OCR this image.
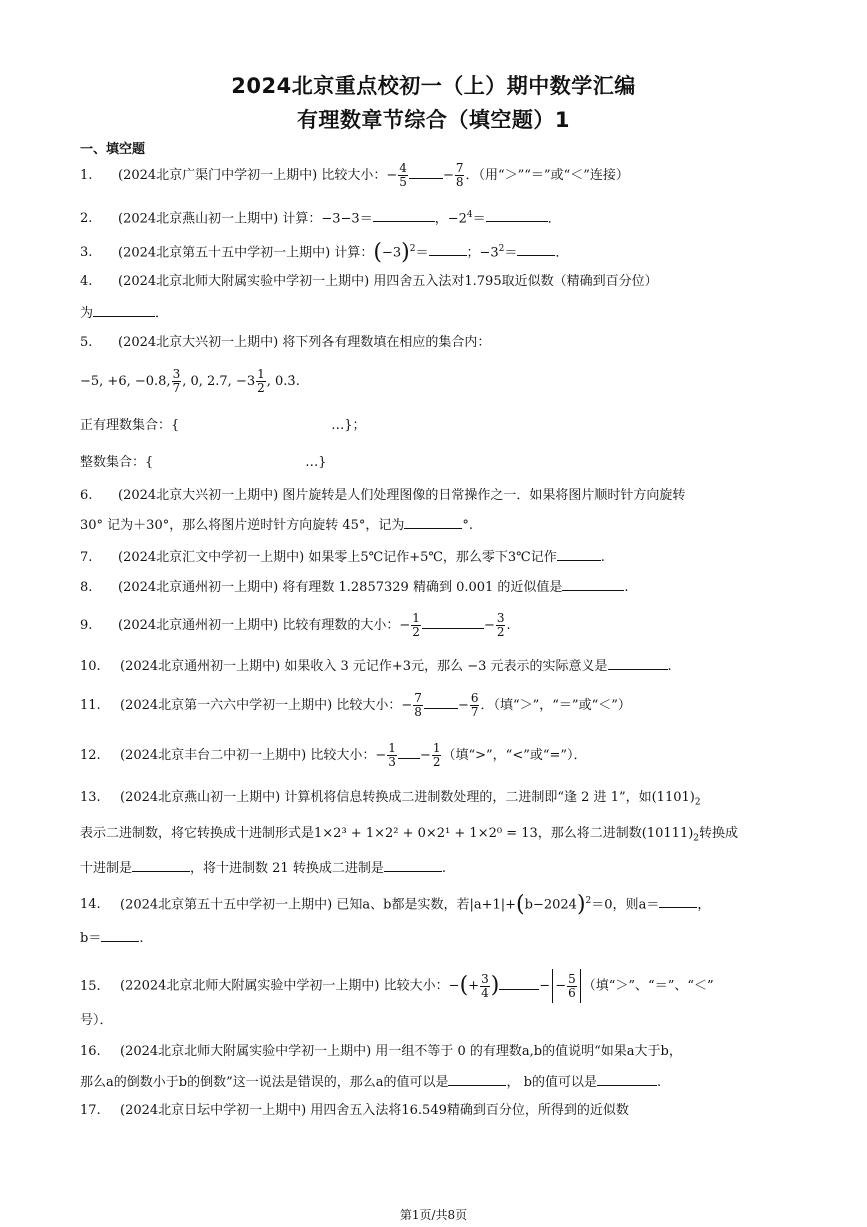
2024北京重点校初一（上）期中数学汇编
有理数章节综合（填空题）1
一、填空题
1. (2024北京广渠门中学初一上期中) 比较大小：− $\frac{4}{5}$	− $\frac{7}{8}$ ．（用“＞”“＝”或“＜”连接）
2. (2024北京燕山初一上期中) 计算：−3−3＝	，$-2^4=$	．
3. (2024北京第五十五中学初一上期中) 计算：$(-3)^2=$	；$-3^2=$	．
4. (2024北京北师大附属实验中学初一上期中) 用四舍五入法对1.795取近似数（精确到百分位）
为	．
5. (2024北京大兴初一上期中) 将下列各有理数填在相应的集合内：
−5, +6, −0.8, $\frac{3}{7}$ , 0, 2.7, $-3 \frac{1}{2}$ , 0.3̇.
正有理数集合：{	…}；
整数集合：{	…}
6. (2024北京大兴初一上期中) 图片旋转是人们处理图像的日常操作之一．如果将图片顺时针方向旋转
30° 记为＋30°，那么将图片逆时针方向旋转 45°，记为	°.
7. (2024北京汇文中学初一上期中) 如果零上5℃记作+5℃，那么零下3℃记作	.
8. (2024北京通州初一上期中) 将有理数 1.2857329 精确到 0.001 的近似值是	.
9. (2024北京通州初一上期中) 比较有理数的大小：− $\frac{1}{2}$	− $\frac{3}{2}$ .
10. (2024北京通州初一上期中) 如果收入 3 元记作+3元，那么 −3 元表示的实际意义是	.
11. (2024北京第一六六中学初一上期中) 比较大小：− $\frac{7}{8}$	− $\frac{6}{7}$ ．（填“＞”，“＝”或“＜”）
12. (2024北京丰台二中初一上期中) 比较大小：− $\frac{1}{3} - \frac{1}{2}$ （填“>”，“<”或“=”）．
13. (2024北京燕山初一上期中) 计算机将信息转换成二进制数处理的，二进制即“逢 2 进 1”，如$(1101)_2$
表示二进制数，将它转换成十进制形式是1×2³ + 1×2² + 0×2¹ + 1×2⁰ = 13，那么将二进制数$(10111)_2$转换成
十进制是	，将十进制数 21 转换成二进制是	.
14. (2024北京第五十五中学初一上期中) 已知a、b都是实数，若$|a+1|+(b-2024)^2=0$，则a＝	，
b＝	.
15. (22024北京北师大附属实验中学初一上期中) 比较大小：−(+ $\frac{3}{4}$ )	− − $\frac{5}{6}$ （填“＞”、“＝”、“＜”
号）．
16. (2024北京北师大附属实验中学初一上期中) 用一组不等于 0 的有理数a,b的值说明“如果a大于b，
那么a的倒数小于b的倒数”这一说法是错误的，那么a的值可以是	， b的值可以是	.
17. (2024北京日坛中学初一上期中) 用四舍五入法将16.549精确到百分位，所得到的近似数
第1页/共8页
